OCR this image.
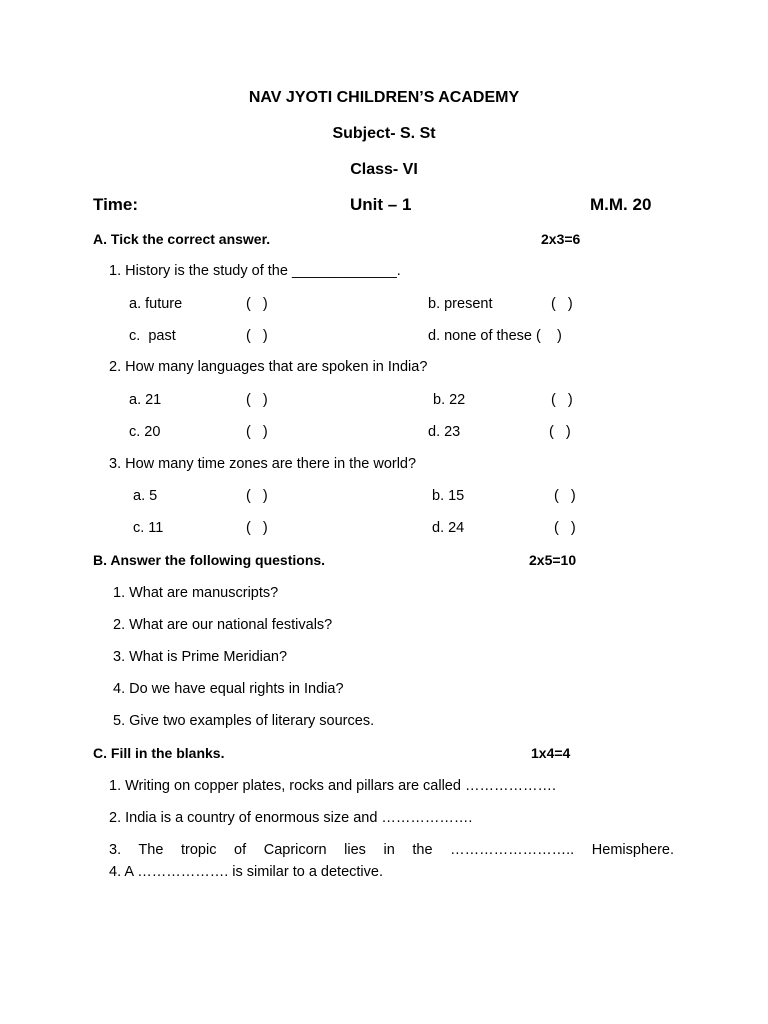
NAV JYOTI CHILDREN’S ACADEMY
Subject- S. St
Class- VI
Time:	Unit – 1	M.M. 20
A. Tick the correct answer.	2x3=6
1. History is the study of the _____________.
a. future	(   )	b. present	(   )
c.  past	(   )	d. none of these (    )
2. How many languages that are spoken in India?
a. 21	(   )	b. 22	(   )
c. 20	(   )	d. 23	(   )
3. How many time zones are there in the world?
a. 5	(   )	b. 15	(   )
c. 11	(   )	d. 24	(   )
B. Answer the following questions.	2x5=10
1. What are manuscripts?
2. What are our national festivals?
3. What is Prime Meridian?
4. Do we have equal rights in India?
5. Give two examples of literary sources.
C. Fill in the blanks.	1x4=4
1. Writing on copper plates, rocks and pillars are called ……………….
2. India is a country of enormous size and ……………….
3. The tropic of Capricorn lies in the …………………….. Hemisphere.
4. A ………………. is similar to a detective.
